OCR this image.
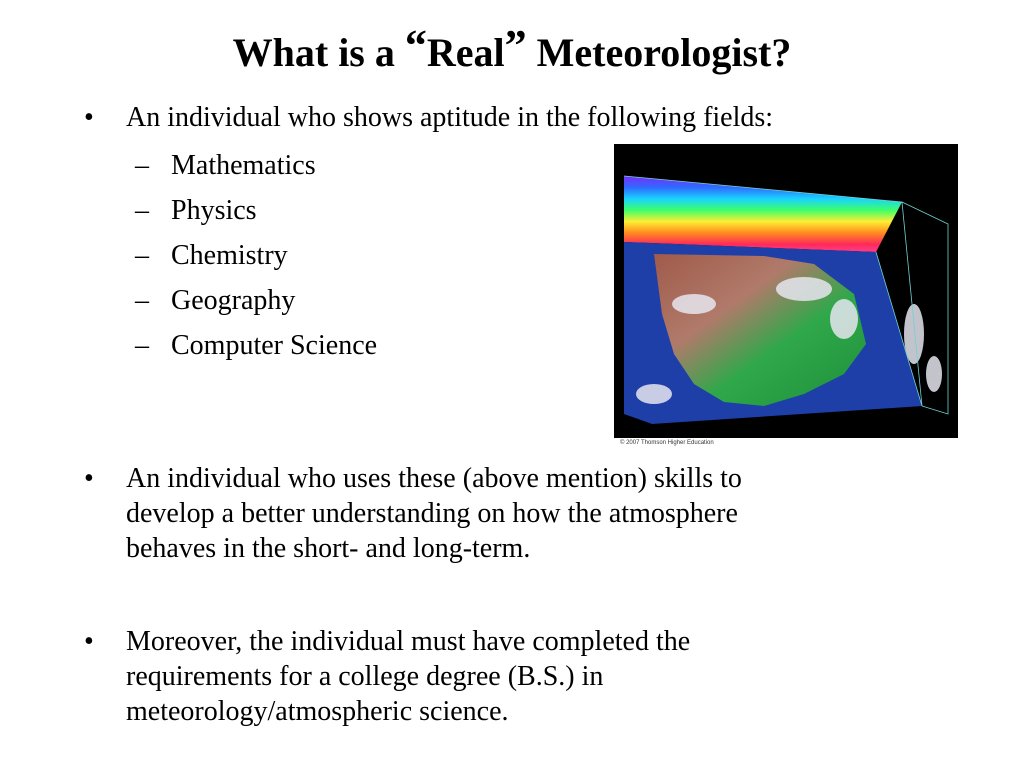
What is a “Real” Meteorologist?
•	An individual who shows aptitude in the following fields:
– Mathematics
– Physics
– Chemistry
– Geography
– Computer Science
© 2007 Thomson Higher Education
•	An individual who uses these (above mention) skills to
develop a better understanding on how the atmosphere
behaves in the short- and long-term.
•	Moreover, the individual must have completed the
requirements for a college degree (B.S.) in
meteorology/atmospheric science.
